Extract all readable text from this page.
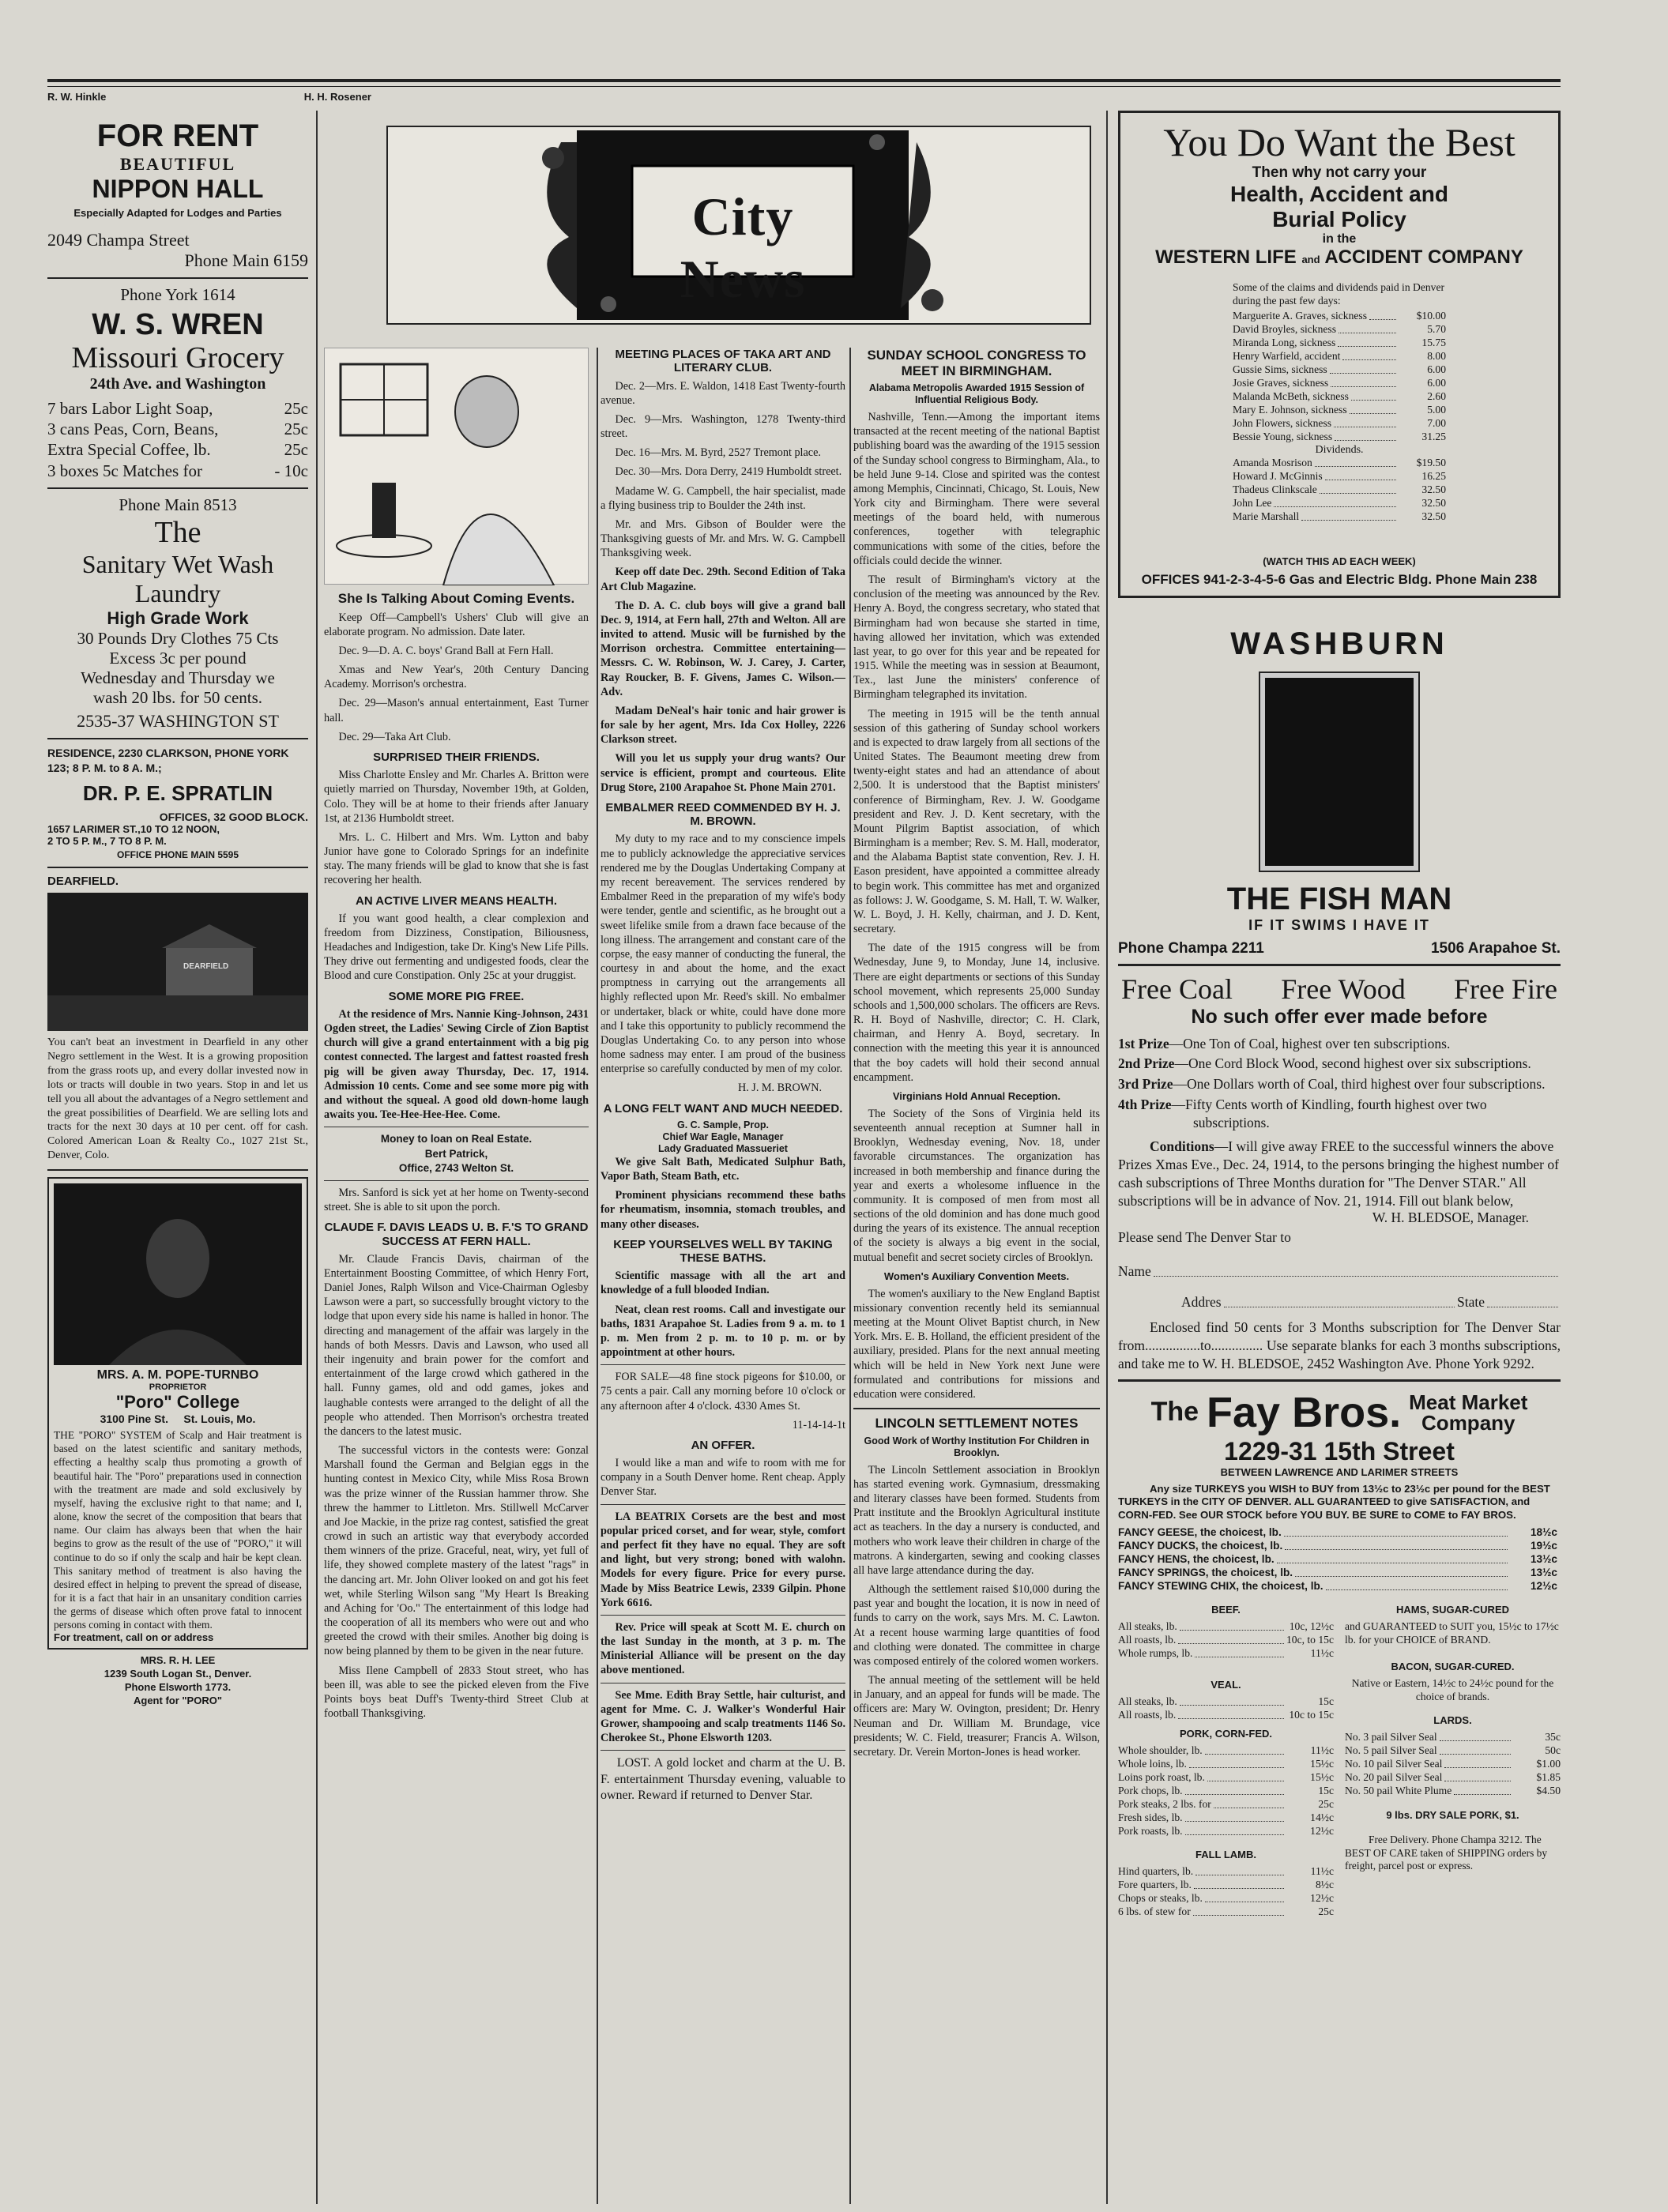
R. W. Hinkle	H. H. Rosener
City News
FOR RENT
BEAUTIFUL
NIPPON HALL
Especially Adapted for Lodges and Parties
2049 Champa Street
Phone Main 6159
Phone York 1614
W. S. WREN
Missouri Grocery
24th Ave. and Washington
7 bars Labor Light Soap,	25c
3 cans Peas, Corn, Beans,	25c
Extra Special Coffee, lb.	25c
3 boxes 5c Matches for	- 10c
Phone Main 8513
The
Sanitary Wet Wash
Laundry
High Grade Work
30 Pounds Dry Clothes 75 Cts
Excess 3c per pound
Wednesday and Thursday we
wash 20 lbs. for 50 cents.
2535-37 WASHINGTON ST
RESIDENCE, 2230 CLARKSON, PHONE YORK 123; 8 P. M. to 8 A. M.;
DR. P. E. SPRATLIN
OFFICES, 32 GOOD BLOCK.
1657 LARIMER ST.,10 TO 12 NOON,
2 TO 5 P. M., 7 TO 8 P. M.
OFFICE PHONE MAIN 5595
DEARFIELD.
DEARFIELD
You can't beat an investment in Dearfield in any other Negro settlement in the West. It is a growing proposition from the grass roots up, and every dollar invested now in lots or tracts will double in two years. Stop in and let us tell you all about the advantages of a Negro settlement and the great possibilities of Dearfield. We are selling lots and tracts for the next 30 days at 10 per cent. off for cash. Colored American Loan & Realty Co., 1027 21st St., Denver, Colo.
MRS. A. M. POPE-TURNBO
PROPRIETOR
"Poro" College
3100 Pine St.     St. Louis, Mo.
THE "PORO" SYSTEM of Scalp and Hair treatment is based on the latest scientific and sanitary methods, effecting a healthy scalp thus promoting a growth of beautiful hair. The "Poro" preparations used in connection with the treatment are made and sold exclusively by myself, having the exclusive right to that name; and I, alone, know the secret of the composition that bears that name. Our claim has always been that when the hair begins to grow as the result of the use of "PORO," it will continue to do so if only the scalp and hair be kept clean. This sanitary method of treatment is also having the desired effect in helping to prevent the spread of disease, for it is a fact that hair in an unsanitary condition carries the germs of disease which often prove fatal to innocent persons coming in contact with them.
For treatment, call on or address
MRS. R. H. LEE
1239 South Logan St., Denver.
Phone Elsworth 1773.
Agent for "PORO"
She Is Talking About Coming Events.

Keep Off—Campbell's Ushers' Club will give an elaborate program. No admission. Date later.

Dec. 9—D. A. C. boys' Grand Ball at Fern Hall.

Xmas and New Year's, 20th Century Dancing Academy. Morrison's orchestra.

Dec. 29—Mason's annual entertainment, East Turner hall.

Dec. 29—Taka Art Club.

SURPRISED THEIR FRIENDS.

Miss Charlotte Ensley and Mr. Charles A. Britton were quietly married on Thursday, November 19th, at Golden, Colo. They will be at home to their friends after January 1st, at 2136 Humboldt street.

Mrs. L. C. Hilbert and Mrs. Wm. Lytton and baby Junior have gone to Colorado Springs for an indefinite stay. The many friends will be glad to know that she is fast recovering her health.

AN ACTIVE LIVER MEANS HEALTH.

If you want good health, a clear complexion and freedom from Dizziness, Constipation, Biliousness, Headaches and Indigestion, take Dr. King's New Life Pills. They drive out fermenting and undigested foods, clear the Blood and cure Constipation. Only 25c at your druggist.

SOME MORE PIG FREE.

At the residence of Mrs. Nannie King-Johnson, 2431 Ogden street, the Ladies' Sewing Circle of Zion Baptist church will give a grand entertainment with a big pig contest connected. The largest and fattest roasted fresh pig will be given away Thursday, Dec. 17, 1914. Admission 10 cents. Come and see some more pig with and without the squeal. A good old down-home laugh awaits you. Tee-Hee-Hee-Hee. Come.

Money to loan on Real Estate.
Bert Patrick,
Office, 2743 Welton St.

Mrs. Sanford is sick yet at her home on Twenty-second street. She is able to sit upon the porch.

CLAUDE F. DAVIS LEADS U. B. F.'S TO GRAND SUCCESS AT FERN HALL.

Mr. Claude Francis Davis, chairman of the Entertainment Boosting Committee, of which Henry Fort, Daniel Jones, Ralph Wilson and Vice-Chairman Oglesby Lawson were a part, so successfully brought victory to the lodge that upon every side his name is halled in honor. The directing and management of the affair was largely in the hands of both Messrs. Davis and Lawson, who used all their ingenuity and brain power for the comfort and entertainment of the large crowd which gathered in the hall. Funny games, old and odd games, jokes and laughable contests were arranged to the delight of all the people who attended. Then Morrison's orchestra treated the dancers to the latest music.

The successful victors in the contests were: Gonzal Marshall found the German and Belgian eggs in the hunting contest in Mexico City, while Miss Rosa Brown was the prize winner of the Russian hammer throw. She threw the hammer to Littleton. Mrs. Stillwell McCarver and Joe Mackie, in the prize rag contest, satisfied the great crowd in such an artistic way that everybody accorded them winners of the prize. Graceful, neat, wiry, yet full of life, they showed complete mastery of the latest "rags" in the dancing art. Mr. John Oliver looked on and got his feet wet, while Sterling Wilson sang "My Heart Is Breaking and Aching for 'Oo." The entertainment of this lodge had the cooperation of all its members who were out and who greeted the crowd with their smiles. Another big doing is now being planned by them to be given in the near future.

Miss Ilene Campbell of 2833 Stout street, who has been ill, was able to see the picked eleven from the Five Points boys beat Duff's Twenty-third Street Club at football Thanksgiving.

MEETING PLACES OF TAKA ART AND LITERARY CLUB.

Dec. 2—Mrs. E. Waldon, 1418 East Twenty-fourth avenue.

Dec. 9—Mrs. Washington, 1278 Twenty-third street.

Dec. 16—Mrs. M. Byrd, 2527 Tremont place.

Dec. 30—Mrs. Dora Derry, 2419 Humboldt street.

Madame W. G. Campbell, the hair specialist, made a flying business trip to Boulder the 24th inst.

Mr. and Mrs. Gibson of Boulder were the Thanksgiving guests of Mr. and Mrs. W. G. Campbell Thanksgiving week.

Keep off date Dec. 29th. Second Edition of Taka Art Club Magazine.

The D. A. C. club boys will give a grand ball Dec. 9, 1914, at Fern hall, 27th and Welton. All are invited to attend. Music will be furnished by the Morrison orchestra. Committee entertaining—Messrs. C. W. Robinson, W. J. Carey, J. Carter, Ray Roucker, B. F. Givens, James C. Wilson.—Adv.

Madam DeNeal's hair tonic and hair grower is for sale by her agent, Mrs. Ida Cox Holley, 2226 Clarkson street.

Will you let us supply your drug wants? Our service is efficient, prompt and courteous. Elite Drug Store, 2100 Arapahoe St. Phone Main 2701.

EMBALMER REED COMMENDED BY H. J. M. BROWN.

My duty to my race and to my conscience impels me to publicly acknowledge the appreciative services rendered me by the Douglas Undertaking Company at my recent bereavement. The services rendered by Embalmer Reed in the preparation of my wife's body were tender, gentle and scientific, as he brought out a sweet lifelike smile from a drawn face because of the long illness. The arrangement and constant care of the corpse, the easy manner of conducting the funeral, the courtesy in and about the home, and the exact promptness in carrying out the arrangements all highly reflected upon Mr. Reed's skill. No embalmer or undertaker, black or white, could have done more and I take this opportunity to publicly recommend the Douglas Undertaking Co. to any person into whose home sadness may enter. I am proud of the business enterprise so carefully conducted by men of my color.

H. J. M. BROWN.
A LONG FELT WANT AND MUCH NEEDED.
G. C. Sample, Prop.
Chief War Eagle, Manager
Lady Graduated Massueriet

We give Salt Bath, Medicated Sulphur Bath, Vapor Bath, Steam Bath, etc.

Prominent physicians recommend these baths for rheumatism, insomnia, stomach troubles, and many other diseases.

KEEP YOURSELVES WELL BY TAKING THESE BATHS.

Scientific massage with all the art and knowledge of a full blooded Indian.

Neat, clean rest rooms. Call and investigate our baths, 1831 Arapahoe St. Ladies from 9 a. m. to 1 p. m. Men from 2 p. m. to 10 p. m. or by appointment at other hours.

FOR SALE—48 fine stock pigeons for $10.00, or 75 cents a pair. Call any morning before 10 o'clock or any afternoon after 4 o'clock. 4330 Ames St.

11-14-14-1t
AN OFFER.

I would like a man and wife to room with me for company in a South Denver home. Rent cheap. Apply Denver Star.

LA BEATRIX Corsets are the best and most popular priced corset, and for wear, style, comfort and perfect fit they have no equal. They are soft and light, but very strong; boned with walohn. Models for every figure. Price for every purse. Made by Miss Beatrice Lewis, 2339 Gilpin. Phone York 6616.

Rev. Price will speak at Scott M. E. church on the last Sunday in the month, at 3 p. m. The Ministerial Alliance will be present on the day above mentioned.

See Mme. Edith Bray Settle, hair culturist, and agent for Mme. C. J. Walker's Wonderful Hair Grower, shampooing and scalp treatments 1146 So. Cherokee St., Phone Elsworth 1203.

LOST. A gold locket and charm at the U. B. F. entertainment Thursday evening, valuable to owner. Reward if returned to Denver Star.

SUNDAY SCHOOL CONGRESS TO MEET IN BIRMINGHAM.
Alabama Metropolis Awarded 1915 Session of Influential Religious Body.

Nashville, Tenn.—Among the important items transacted at the recent meeting of the national Baptist publishing board was the awarding of the 1915 session of the Sunday school congress to Birmingham, Ala., to be held June 9-14. Close and spirited was the contest among Memphis, Cincinnati, Chicago, St. Louis, New York city and Birmingham. There were several meetings of the board held, with numerous conferences, together with telegraphic communications with some of the cities, before the officials could decide the winner.

The result of Birmingham's victory at the conclusion of the meeting was announced by the Rev. Henry A. Boyd, the congress secretary, who stated that Birmingham had won because she started in time, having allowed her invitation, which was extended last year, to go over for this year and be repeated for 1915. While the meeting was in session at Beaumont, Tex., last June the ministers' conference of Birmingham telegraphed its invitation.

The meeting in 1915 will be the tenth annual session of this gathering of Sunday school workers and is expected to draw largely from all sections of the United States. The Beaumont meeting drew from twenty-eight states and had an attendance of about 2,500. It is understood that the Baptist ministers' conference of Birmingham, Rev. J. W. Goodgame president and Rev. J. D. Kent secretary, with the Mount Pilgrim Baptist association, of which Birmingham is a member; Rev. S. M. Hall, moderator, and the Alabama Baptist state convention, Rev. J. H. Eason president, have appointed a committee already to begin work. This committee has met and organized as follows: J. W. Goodgame, S. M. Hall, T. W. Walker, W. L. Boyd, J. H. Kelly, chairman, and J. D. Kent, secretary.

The date of the 1915 congress will be from Wednesday, June 9, to Monday, June 14, inclusive. There are eight departments or sections of this Sunday school movement, which represents 25,000 Sunday schools and 1,500,000 scholars. The officers are Revs. R. H. Boyd of Nashville, director; C. H. Clark, chairman, and Henry A. Boyd, secretary. In connection with the meeting this year it is announced that the boy cadets will hold their second annual encampment.

Virginians Hold Annual Reception.

The Society of the Sons of Virginia held its seventeenth annual reception at Sumner hall in Brooklyn, Wednesday evening, Nov. 18, under favorable circumstances. The organization has increased in both membership and finance during the year and exerts a wholesome influence in the community. It is composed of men from most all sections of the old dominion and has done much good during the years of its existence. The annual reception of the society is always a big event in the social, mutual benefit and secret society circles of Brooklyn.

Women's Auxiliary Convention Meets.

The women's auxiliary to the New England Baptist missionary convention recently held its semiannual meeting at the Mount Olivet Baptist church, in New York. Mrs. E. B. Holland, the efficient president of the auxiliary, presided. Plans for the next annual meeting which will be held in New York next June were formulated and contributions for missions and education were considered.

LINCOLN SETTLEMENT NOTES
Good Work of Worthy Institution For Children in Brooklyn.

The Lincoln Settlement association in Brooklyn has started evening work. Gymnasium, dressmaking and literary classes have been formed. Students from Pratt institute and the Brooklyn Agricultural institute act as teachers. In the day a nursery is conducted, and mothers who work leave their children in charge of the matrons. A kindergarten, sewing and cooking classes all have large attendance during the day.

Although the settlement raised $10,000 during the past year and bought the location, it is now in need of funds to carry on the work, says Mrs. M. C. Lawton. At a recent house warming large quantities of food and clothing were donated. The committee in charge was composed entirely of the colored women workers.

The annual meeting of the settlement will be held in January, and an appeal for funds will be made. The officers are: Mary W. Ovington, president; Dr. Henry Neuman and Dr. William M. Brundage, vice presidents; W. C. Field, treasurer; Francis A. Wilson, secretary. Dr. Verein Morton-Jones is head worker.

You Do Want the Best
Then why not carry your
Health, Accident and
Burial Policy
in the
WESTERN LIFE and ACCIDENT COMPANY
Some of the claims and dividends paid in Denver during the past few days:
Marguerite A. Graves, sickness	$10.00
David Broyles, sickness	5.70
Miranda Long, sickness	15.75
Henry Warfield, accident	8.00
Gussie Sims, sickness	6.00
Josie Graves, sickness	6.00
Malanda McBeth, sickness	2.60
Mary E. Johnson, sickness	5.00
John Flowers, sickness	7.00
Bessie Young, sickness	31.25
Dividends.
Amanda Mosrison	$19.50
Howard J. McGinnis	16.25
Thadeus Clinkscale	32.50
John Lee	32.50
Marie Marshall	32.50
(WATCH THIS AD EACH WEEK)
OFFICES 941-2-3-4-5-6 Gas and Electric Bldg. Phone Main 238
WASHBURN
THE FISH MAN
IF IT SWIMS I HAVE IT
Phone Champa 2211	1506 Arapahoe St.
Free Coal Free Wood Free Fire
No such offer ever made before
1st Prize—One Ton of Coal, highest over ten subscriptions.
2nd Prize—One Cord Block Wood, second highest over six subscriptions.
3rd Prize—One Dollars worth of Coal, third highest over four subscriptions.
4th Prize—Fifty Cents worth of Kindling, fourth highest over two subscriptions.
Conditions—I will give away FREE to the successful winners the above Prizes Xmas Eve., Dec. 24, 1914, to the persons bringing the highest number of cash subscriptions of Three Months duration for "The Denver STAR." All subscriptions will be in advance of Nov. 21, 1914. Fill out blank below,
W. H. BLEDSOE, Manager.
Please send The Denver Star to
Name
Addres	State
Enclosed find 50 cents for 3 Months subscription for The Denver Star from................to............... Use separate blanks for each 3 months subscriptions, and take me to W. H. BLEDSOE, 2452 Washington Ave. Phone York 9292.
The Fay Bros. Meat Market
Company
1229-31 15th Street
BETWEEN LAWRENCE AND LARIMER STREETS
Any size TURKEYS you WISH to BUY from 13½c to 23½c per pound for the BEST TURKEYS in the CITY OF DENVER. ALL GUARANTEED to give SATISFACTION, and CORN-FED. See OUR STOCK before YOU BUY. BE SURE to COME to FAY BROS.
FANCY GEESE, the choicest, lb.	18½c
FANCY DUCKS, the choicest, lb.	19½c
FANCY HENS, the choicest, lb.	13½c
FANCY SPRINGS, the choicest, lb.	13½c
FANCY STEWING CHIX, the choicest, lb.	12½c
BEEF.
All steaks, lb.	10c, 12½c
All roasts, lb.	10c, to 15c
Whole rumps, lb.	11½c
VEAL.
All steaks, lb.	15c
All roasts, lb.	10c to 15c
PORK, CORN-FED.
Whole shoulder, lb.	11½c
Whole loins, lb.	15½c
Loins pork roast, lb.	15½c
Pork chops, lb.	15c
Pork steaks, 2 lbs. for	25c
Fresh sides, lb.	14½c
Pork roasts, lb.	12½c
FALL LAMB.
Hind quarters, lb.	11½c
Fore quarters, lb.	8½c
Chops or steaks, lb.	12½c
6 lbs. of stew for	25c
HAMS, SUGAR-CURED
and GUARANTEED to SUIT you, 15½c to 17½c lb. for your CHOICE of BRAND.
BACON, SUGAR-CURED.
Native or Eastern, 14½c to 24½c pound for the choice of brands.
LARDS.
No. 3 pail Silver Seal	35c
No. 5 pail Silver Seal	50c
No. 10 pail Silver Seal	$1.00
No. 20 pail Silver Seal	$1.85
No. 50 pail White Plume	$4.50
9 lbs. DRY SALE PORK, $1.
Free Delivery. Phone Champa 3212. The BEST OF CARE taken of SHIPPING orders by freight, parcel post or express.
